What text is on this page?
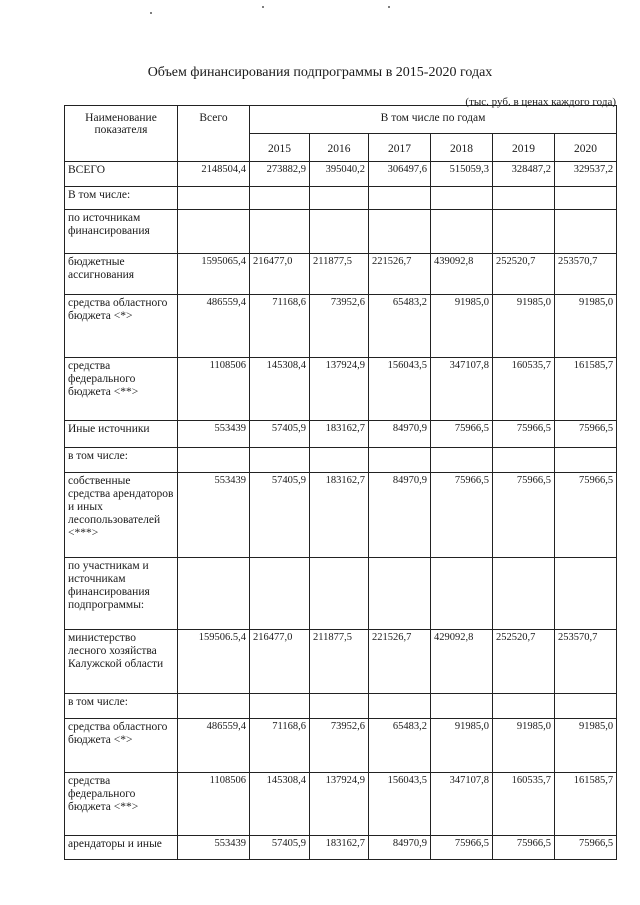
Объем финансирования подпрограммы в 2015-2020 годах
(тыс. руб. в ценах каждого года)
Наименование показателя	Всего	В том числе по годам					
		2015	2016	2017	2018	2019	2020
ВСЕГО	2148504,4	273882,9	395040,2	306497,6	515059,3	328487,2	329537,2
В том числе:							
по источникам финансирования							
бюджетные ассигнования	1595065,4	216477,0	211877,5	221526,7	439092,8	252520,7	253570,7
средства областного бюджета <*>	486559,4	71168,6	73952,6	65483,2	91985,0	91985,0	91985,0
средства федерального бюджета <**>	1108506	145308,4	137924,9	156043,5	347107,8	160535,7	161585,7
Иные источники	553439	57405,9	183162,7	84970,9	75966,5	75966,5	75966,5
в том числе:							
собственные средства арендаторов и иных лесопользователей <***>	553439	57405,9	183162,7	84970,9	75966,5	75966,5	75966,5
по участникам и источникам финансирования подпрограммы:							
министерство лесного хозяйства Калужской области	159506.5,4	216477,0	211877,5	221526,7	429092,8	252520,7	253570,7
в том числе:							
средства областного бюджета <*>	486559,4	71168,6	73952,6	65483,2	91985,0	91985,0	91985,0
средства федерального бюджета <**>	1108506	145308,4	137924,9	156043,5	347107,8	160535,7	161585,7
арендаторы и иные	553439	57405,9	183162,7	84970,9	75966,5	75966,5	75966,5
